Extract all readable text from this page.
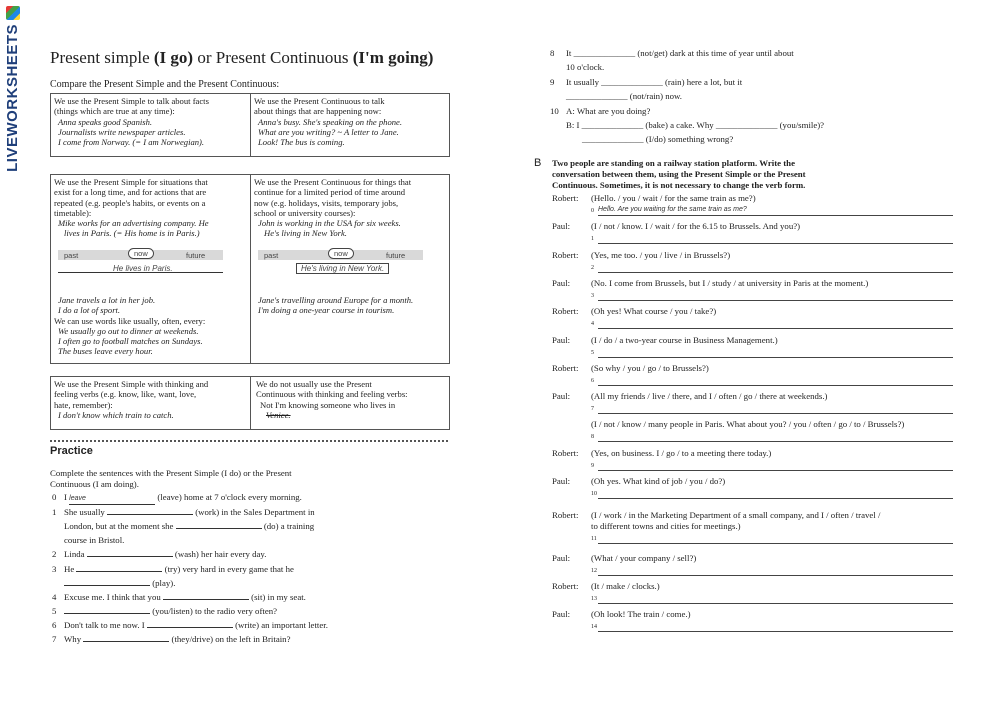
LIVEWORKSHEETS Present simple (I go) or Present Continuous (I'm going)
Compare the Present Simple and the Present Continuous:
We use the Present Simple to talk about facts
(things which are true at any time):
Anna speaks good Spanish.
Journalists write newspaper articles.
I come from Norway. (= I am Norwegian).
We use the Present Continuous to talk
about things that are happening now:
Anna's busy. She's speaking on the phone.
What are you writing? ~ A letter to Jane.
Look! The bus is coming.
We use the Present Simple for situations that
exist for a long time, and for actions that are
repeated (e.g. people's habits, or events on a
timetable):
Mike works for an advertising company. He
lives in Paris. (= His home is in Paris.)
We use the Present Continuous for things that
continue for a limited period of time around
now (e.g. holidays, visits, temporary jobs,
school or university courses):
John is working in the USA for six weeks.
He's living in New York.
past	now	future
He lives in Paris.
past	now	future
He's living in New York.
Jane travels a lot in her job.
I do a lot of sport.
We can use words like usually, often, every:
We usually go out to dinner at weekends.
I often go to football matches on Sundays.
The buses leave every hour.
Jane's travelling around Europe for a month.
I'm doing a one-year course in tourism.
We use the Present Simple with thinking and
feeling verbs (e.g. know, like, want, love,
hate, remember):
I don't know which train to catch.
We do not usually use the Present
Continuous with thinking and feeling verbs:
Not I'm knowing someone who lives in
Venice.
Practice
Complete the sentences with the Present Simple (I do) or the Present
Continuous (I am doing).
0 I leave	(leave) home at 7 o'clock every morning.
1 She usually	(work) in the Sales Department in
London, but at the moment she	(do) a training
course in Bristol.
2 Linda	(wash) her hair every day.
3 He	(try) very hard in every game that he
(play).
4 Excuse me. I think that you	(sit) in my seat.
5	(you/listen) to the radio very often?
6 Don't talk to me now. I	(write) an important letter.
7 Why	(they/drive) on the left in Britain?
8 It ______________ (not/get) dark at this time of year until about
10 o'clock.
9 It usually ______________ (rain) here a lot, but it
______________ (not/rain) now.
10 A: What are you doing?
B: I ______________ (bake) a cake. Why ______________ (you/smile)?
______________ (I/do) something wrong?
B Two people are standing on a railway station platform. Write the
conversation between them, using the Present Simple or the Present
Continuous. Sometimes, it is not necessary to change the verb form.
Robert: (Hello. / you / wait / for the same train as me?)
0 Hello. Are you waiting for the same train as me?
Paul: (I / not / know. I / wait / for the 6.15 to Brussels. And you?)
1
Robert: (Yes, me too. / you / live / in Brussels?)
2
Paul: (No. I come from Brussels, but I / study / at university in Paris at the moment.)
3
Robert: (Oh yes! What course / you / take?)
4
Paul: (I / do / a two-year course in Business Management.)
5
Robert: (So why / you / go / to Brussels?)
6
Paul: (All my friends / live / there, and I / often / go / there at weekends.)
7
(I / not / know / many people in Paris. What about you? / you / often / go / to / Brussels?)
8
Robert: (Yes, on business. I / go / to a meeting there today.)
9
Paul: (Oh yes. What kind of job / you / do?)
10
Robert: (I / work / in the Marketing Department of a small company, and I / often / travel /
to different towns and cities for meetings.)
11
Paul: (What / your company / sell?)
12
Robert: (It / make / clocks.)
13
Paul: (Oh look! The train / come.)
14
